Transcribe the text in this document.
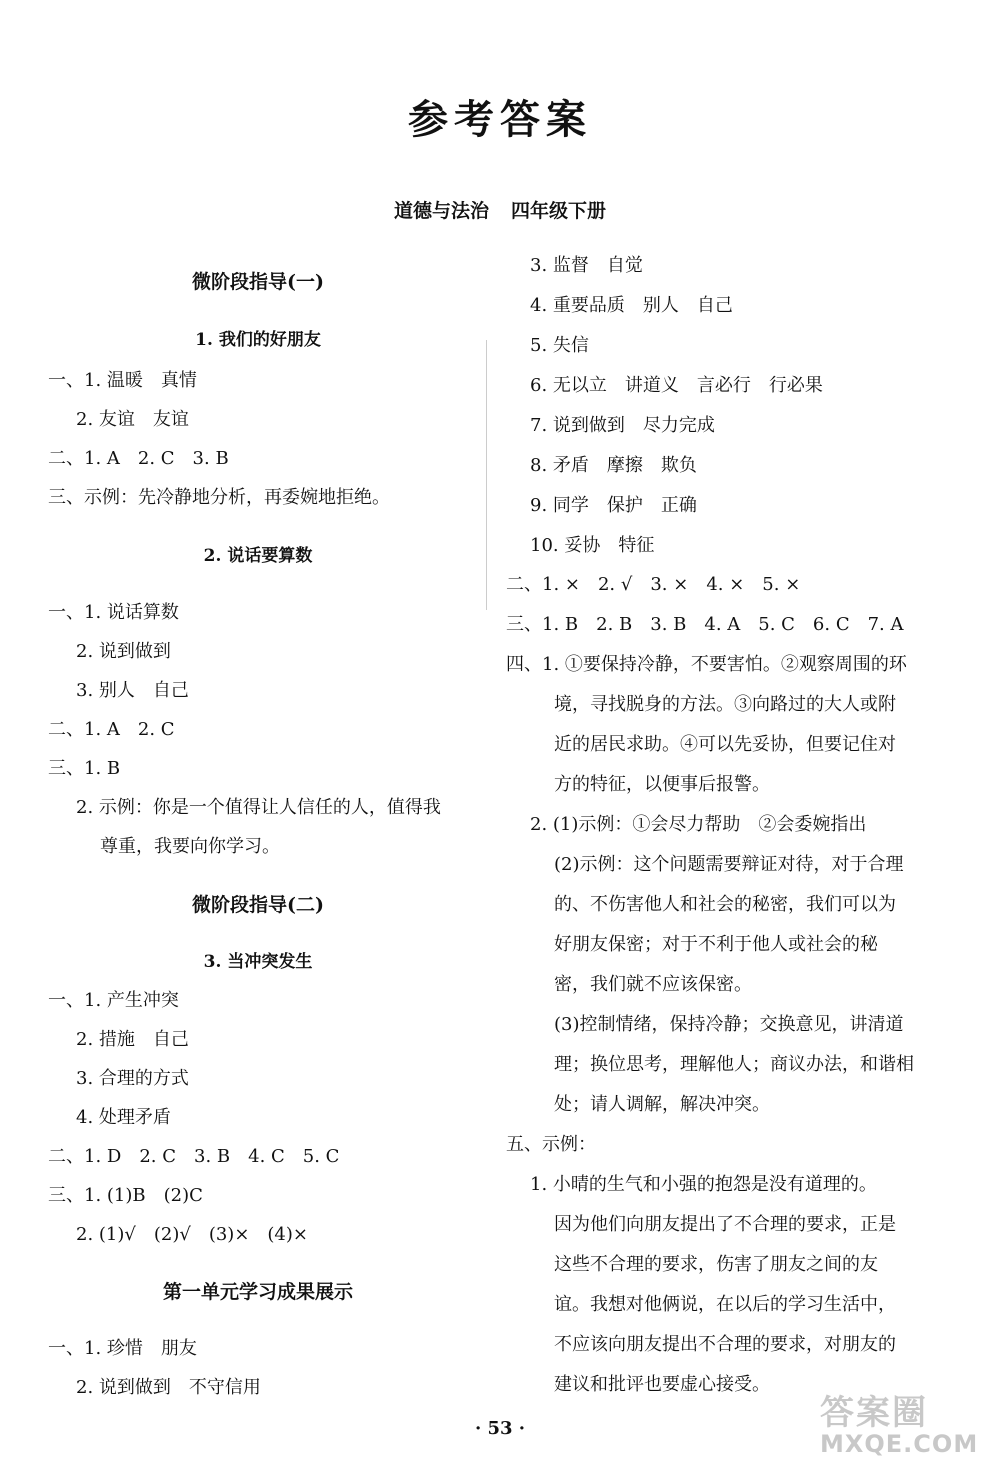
参考答案
道德与法治 四年级下册
微阶段指导(一)
1. 我们的好朋友
一、1. 温暖　真情
2. 友谊　友谊
二、1. A　2. C　3. B
三、示例：先冷静地分析，再委婉地拒绝。
2. 说话要算数
一、1. 说话算数
2. 说到做到
3. 别人　自己
二、1. A　2. C
三、1. B
2. 示例：你是一个值得让人信任的人，值得我
尊重，我要向你学习。
微阶段指导(二)
3. 当冲突发生
一、1. 产生冲突
2. 措施　自己
3. 合理的方式
4. 处理矛盾
二、1. D　2. C　3. B　4. C　5. C
三、1. (1)B　(2)C
2. (1)√　(2)√　(3)×　(4)×
第一单元学习成果展示
一、1. 珍惜　朋友
2. 说到做到　不守信用
3. 监督　自觉
4. 重要品质　别人　自己
5. 失信
6. 无以立　讲道义　言必行　行必果
7. 说到做到　尽力完成
8. 矛盾　摩擦　欺负
9. 同学　保护　正确
10. 妥协　特征
二、1. ×　2. √　3. ×　4. ×　5. ×
三、1. B　2. B　3. B　4. A　5. C　6. C　7. A
四、1. ①要保持冷静，不要害怕。②观察周围的环
境，寻找脱身的方法。③向路过的大人或附
近的居民求助。④可以先妥协，但要记住对
方的特征，以便事后报警。
2. (1)示例：①会尽力帮助　②会委婉指出
(2)示例：这个问题需要辩证对待，对于合理
的、不伤害他人和社会的秘密，我们可以为
好朋友保密；对于不利于他人或社会的秘
密，我们就不应该保密。
(3)控制情绪，保持冷静；交换意见，讲清道
理；换位思考，理解他人；商议办法，和谐相
处；请人调解，解决冲突。
五、示例：
1. 小晴的生气和小强的抱怨是没有道理的。
因为他们向朋友提出了不合理的要求，正是
这些不合理的要求，伤害了朋友之间的友
谊。我想对他俩说，在以后的学习生活中，
不应该向朋友提出不合理的要求，对朋友的
建议和批评也要虚心接受。
· 53 ·	答案圈
MXQE.COM
